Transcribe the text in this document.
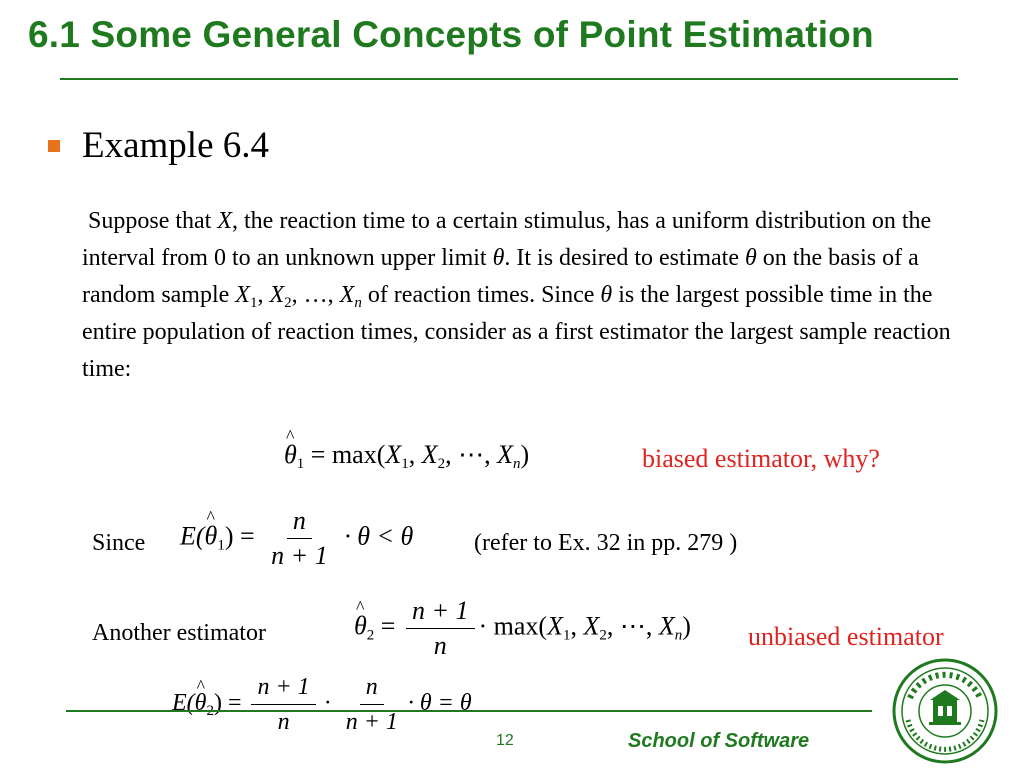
6.1 Some General Concepts of Point Estimation
Example 6.4

Suppose that X, the reaction time to a certain stimulus, has a uniform distribution on the interval from 0 to an unknown upper limit θ. It is desired to estimate θ on the basis of a random sample $X_1$, $X_2$, …, $X_n$ of reaction times. Since θ is the largest possible time in the entire population of reaction times, consider as a first estimator the largest sample reaction time:

^ $\theta_1 = \max(X_1$, $X_2$, ⋯, $X_n$)	biased estimator, why?
Since E(^ $\theta_1) = \frac{n}{n + 1} \cdot \theta < \theta$	(refer to Ex. 32 in pp. 279 )
Another estimator
^	$\theta_2 = \frac{n + 1}{n} \cdot \max(X_1$, $X_2$, ⋯, $X_n$) unbiased estimator
E(^ $\theta_2) = \frac{n + 1}{n} \cdot \frac{n}{n + 1} \cdot \theta = \theta$
12	School of Software
